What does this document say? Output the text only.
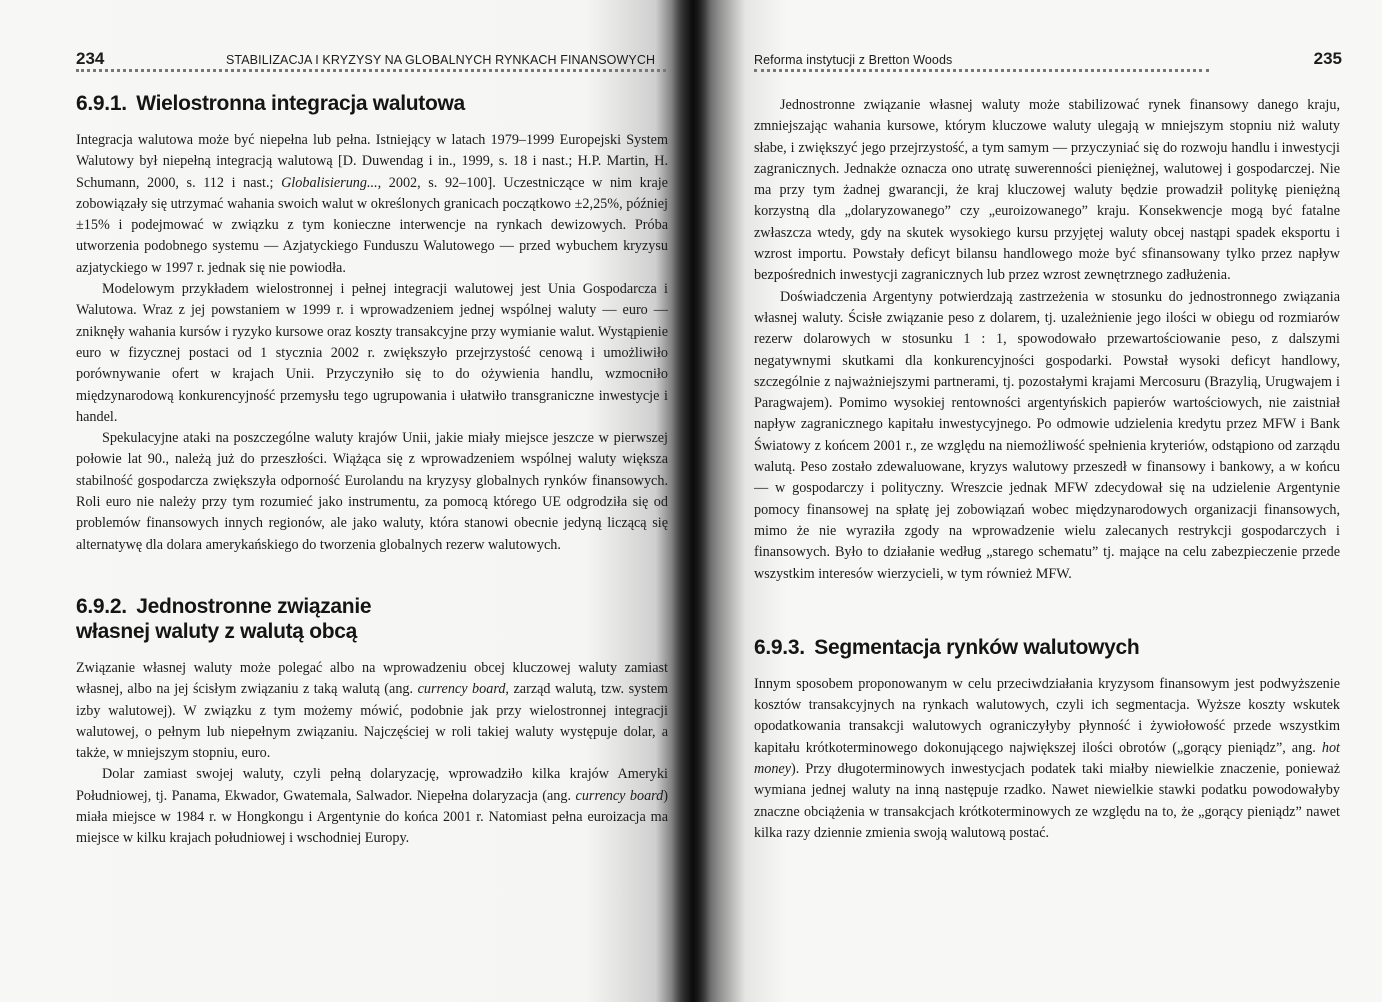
234	STABILIZACJA I KRYZYSY NA GLOBALNYCH RYNKACH FINANSOWYCH
6.9.1. Wielostronna integracja walutowa

Integracja walutowa może być niepełna lub pełna. Istniejący w latach 1979–1999 Europejski System Walutowy był niepełną integracją walutową [D. Duwendag i in., 1999, s. 18 i nast.; H.P. Martin, H. Schumann, 2000, s. 112 i nast.; Globalisierung..., 2002, s. 92–100]. Uczestniczące w nim kraje zobowiązały się utrzymać wahania swoich walut w określonych granicach początkowo ±2,25%, później ±15% i podejmować w związku z tym konieczne interwencje na rynkach dewizowych. Próba utworzenia podobnego systemu — Azjatyckiego Funduszu Walutowego — przed wybuchem kryzysu azjatyckiego w 1997 r. jednak się nie powiodła.

Modelowym przykładem wielostronnej i pełnej integracji walutowej jest Unia Gospodarcza i Walutowa. Wraz z jej powstaniem w 1999 r. i wprowadzeniem jednej wspólnej waluty — euro — zniknęły wahania kursów i ryzyko kursowe oraz koszty transakcyjne przy wymianie walut. Wystąpienie euro w fizycznej postaci od 1 stycznia 2002 r. zwiększyło przejrzystość cenową i umożliwiło porównywanie ofert w krajach Unii. Przyczyniło się to do ożywienia handlu, wzmocniło międzynarodową konkurencyjność przemysłu tego ugrupowania i ułatwiło transgraniczne inwestycje i handel.

Spekulacyjne ataki na poszczególne waluty krajów Unii, jakie miały miejsce jeszcze w pierwszej połowie lat 90., należą już do przeszłości. Wiążąca się z wprowadzeniem wspólnej waluty większa stabilność gospodarcza zwiększyła odporność Eurolandu na kryzysy globalnych rynków finansowych. Roli euro nie należy przy tym rozumieć jako instrumentu, za pomocą którego UE odgrodziła się od problemów finansowych innych regionów, ale jako waluty, która stanowi obecnie jedyną liczącą się alternatywę dla dolara amerykańskiego do tworzenia globalnych rezerw walutowych.

6.9.2. Jednostronne związanie
własnej waluty z walutą obcą

Związanie własnej waluty może polegać albo na wprowadzeniu obcej kluczowej waluty zamiast własnej, albo na jej ścisłym związaniu z taką walutą (ang. currency board, zarząd walutą, tzw. system izby walutowej). W związku z tym możemy mówić, podobnie jak przy wielostronnej integracji walutowej, o pełnym lub niepełnym związaniu. Najczęściej w roli takiej waluty występuje dolar, a także, w mniejszym stopniu, euro.

Dolar zamiast swojej waluty, czyli pełną dolaryzację, wprowadziło kilka krajów Ameryki Południowej, tj. Panama, Ekwador, Gwatemala, Salwador. Niepełna dolaryzacja (ang. currency board) miała miejsce w 1984 r. w Hongkongu i Argentynie do końca 2001 r. Natomiast pełna euroizacja ma miejsce w kilku krajach południowej i wschodniej Europy.

Reforma instytucji z Bretton Woods	235

Jednostronne związanie własnej waluty może stabilizować rynek finansowy danego kraju, zmniejszając wahania kursowe, którym kluczowe waluty ulegają w mniejszym stopniu niż waluty słabe, i zwiększyć jego przejrzystość, a tym samym — przyczyniać się do rozwoju handlu i inwestycji zagranicznych. Jednakże oznacza ono utratę suwerenności pieniężnej, walutowej i gospodarczej. Nie ma przy tym żadnej gwarancji, że kraj kluczowej waluty będzie prowadził politykę pieniężną korzystną dla „dolaryzowanego” czy „euroizowanego” kraju. Konsekwencje mogą być fatalne zwłaszcza wtedy, gdy na skutek wysokiego kursu przyjętej waluty obcej nastąpi spadek eksportu i wzrost importu. Powstały deficyt bilansu handlowego może być sfinansowany tylko przez napływ bezpośrednich inwestycji zagranicznych lub przez wzrost zewnętrznego zadłużenia.

Doświadczenia Argentyny potwierdzają zastrzeżenia w stosunku do jednostronnego związania własnej waluty. Ścisłe związanie peso z dolarem, tj. uzależnienie jego ilości w obiegu od rozmiarów rezerw dolarowych w stosunku 1 : 1, spowodowało przewartościowanie peso, z dalszymi negatywnymi skutkami dla konkurencyjności gospodarki. Powstał wysoki deficyt handlowy, szczególnie z najważniejszymi partnerami, tj. pozostałymi krajami Mercosuru (Brazylią, Urugwajem i Paragwajem). Pomimo wysokiej rentowności argentyńskich papierów wartościowych, nie zaistniał napływ zagranicznego kapitału inwestycyjnego. Po odmowie udzielenia kredytu przez MFW i Bank Światowy z końcem 2001 r., ze względu na niemożliwość spełnienia kryteriów, odstąpiono od zarządu walutą. Peso zostało zdewaluowane, kryzys walutowy przeszedł w finansowy i bankowy, a w końcu — w gospodarczy i polityczny. Wreszcie jednak MFW zdecydował się na udzielenie Argentynie pomocy finansowej na spłatę jej zobowiązań wobec międzynarodowych organizacji finansowych, mimo że nie wyraziła zgody na wprowadzenie wielu zalecanych restrykcji gospodarczych i finansowych. Było to działanie według „starego schematu” tj. mające na celu zabezpieczenie przede wszystkim interesów wierzycieli, w tym również MFW.

6.9.3. Segmentacja rynków walutowych

Innym sposobem proponowanym w celu przeciwdziałania kryzysom finansowym jest podwyższenie kosztów transakcyjnych na rynkach walutowych, czyli ich segmentacja. Wyższe koszty wskutek opodatkowania transakcji walutowych ograniczyłyby płynność i żywiołowość przede wszystkim kapitału krótkoterminowego dokonującego największej ilości obrotów („gorący pieniądz”, ang. hot money). Przy długoterminowych inwestycjach podatek taki miałby niewielkie znaczenie, ponieważ wymiana jednej waluty na inną następuje rzadko. Nawet niewielkie stawki podatku powodowałyby znaczne obciążenia w transakcjach krótkoterminowych ze względu na to, że „gorący pieniądz” nawet kilka razy dziennie zmienia swoją walutową postać.
